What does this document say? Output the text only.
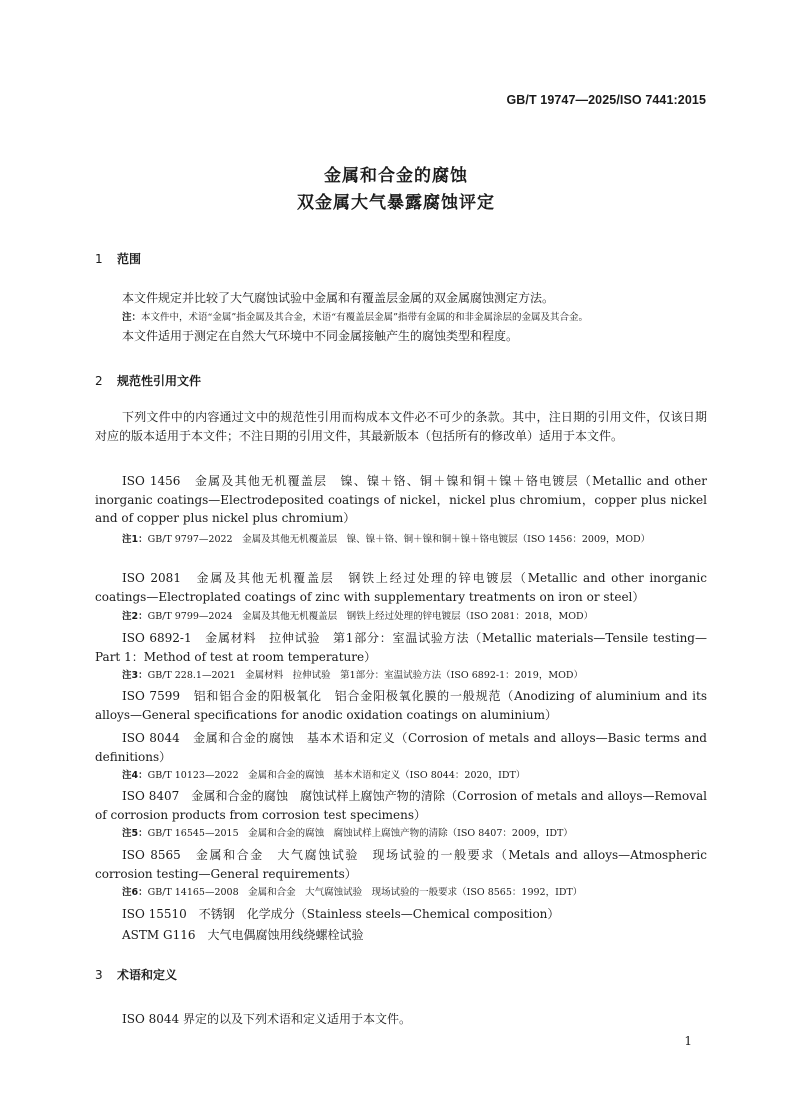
GB/T 19747—2025/ISO 7441:2015
金属和合金的腐蚀
双金属大气暴露腐蚀评定
1 范围
本文件规定并比较了大气腐蚀试验中金属和有覆盖层金属的双金属腐蚀测定方法。
注：本文件中，术语“金属”指金属及其合金，术语“有覆盖层金属”指带有金属的和非金属涂层的金属及其合金。
本文件适用于测定在自然大气环境中不同金属接触产生的腐蚀类型和程度。
2 规范性引用文件
下列文件中的内容通过文中的规范性引用而构成本文件必不可少的条款。其中，注日期的引用文件，仅该日期对应的版本适用于本文件；不注日期的引用文件，其最新版本（包括所有的修改单）适用于本文件。
ISO 1456　金属及其他无机覆盖层　镍、镍＋铬、铜＋镍和铜＋镍＋铬电镀层（Metallic and other inorganic coatings—Electrodeposited coatings of nickel，nickel plus chromium，copper plus nickel and of copper plus nickel plus chromium）
注1：GB/T 9797—2022　金属及其他无机覆盖层　镍、镍＋铬、铜＋镍和铜＋镍＋铬电镀层（ISO 1456：2009，MOD）
ISO 2081　金属及其他无机覆盖层　钢铁上经过处理的锌电镀层（Metallic and other inorganic coatings—Electroplated coatings of zinc with supplementary treatments on iron or steel）
注2：GB/T 9799—2024　金属及其他无机覆盖层　钢铁上经过处理的锌电镀层（ISO 2081：2018，MOD）
ISO 6892-1　金属材料　拉伸试验　第1部分：室温试验方法（Metallic materials—Tensile testing—Part 1：Method of test at room temperature）
注3：GB/T 228.1—2021　金属材料　拉伸试验　第1部分：室温试验方法（ISO 6892-1：2019，MOD）
ISO 7599　铝和铝合金的阳极氧化　铝合金阳极氧化膜的一般规范（Anodizing of aluminium and its alloys—General specifications for anodic oxidation coatings on aluminium）
ISO 8044　金属和合金的腐蚀　基本术语和定义（Corrosion of metals and alloys—Basic terms and definitions）
注4：GB/T 10123—2022　金属和合金的腐蚀　基本术语和定义（ISO 8044：2020，IDT）
ISO 8407　金属和合金的腐蚀　腐蚀试样上腐蚀产物的清除（Corrosion of metals and alloys—Removal of corrosion products from corrosion test specimens）
注5：GB/T 16545—2015　金属和合金的腐蚀　腐蚀试样上腐蚀产物的清除（ISO 8407：2009，IDT）
ISO 8565　金属和合金　大气腐蚀试验　现场试验的一般要求（Metals and alloys—Atmospheric corrosion testing—General requirements）
注6：GB/T 14165—2008　金属和合金　大气腐蚀试验　现场试验的一般要求（ISO 8565：1992，IDT）
ISO 15510　不锈钢　化学成分（Stainless steels—Chemical composition）
ASTM G116　大气电偶腐蚀用线绕螺栓试验
3 术语和定义
ISO 8044 界定的以及下列术语和定义适用于本文件。
1
